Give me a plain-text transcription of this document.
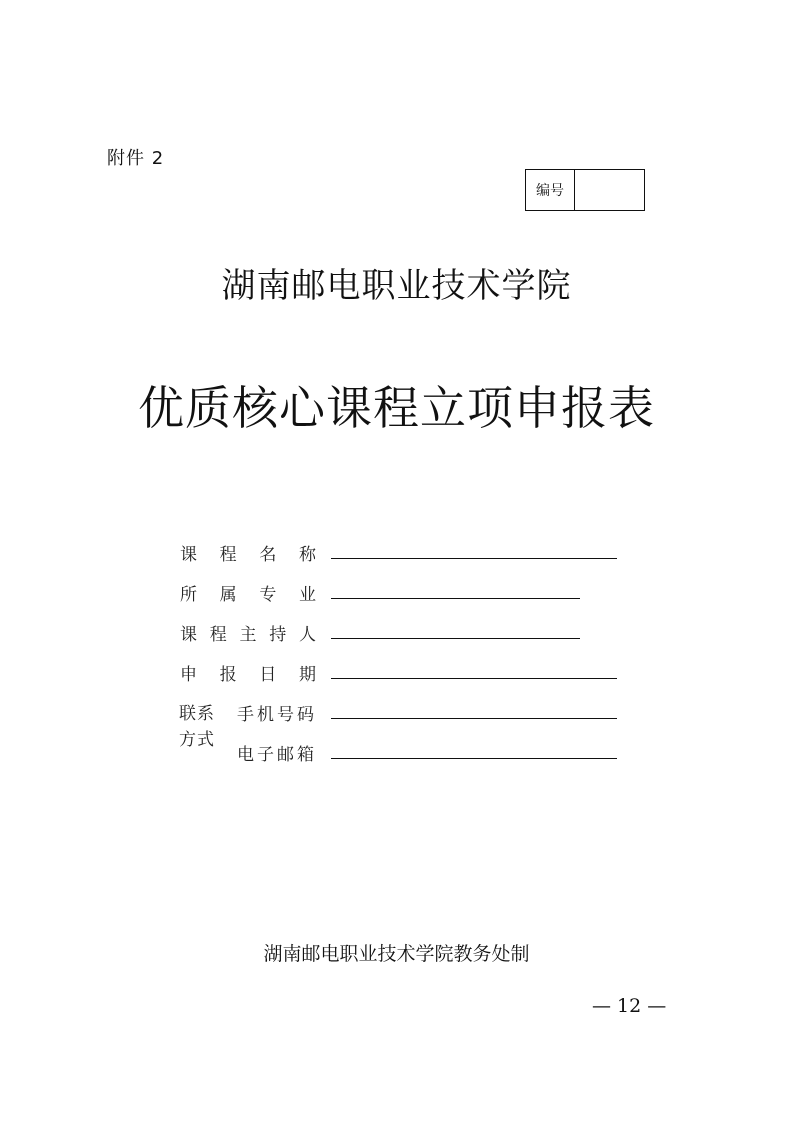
附件 2
编号
湖南邮电职业技术学院
优质核心课程立项申报表
课 程 名 称
所 属 专 业
课 程 主 持 人
申 报 日 期
联系方式
手机号码
电子邮箱
湖南邮电职业技术学院教务处制
— 12 —
